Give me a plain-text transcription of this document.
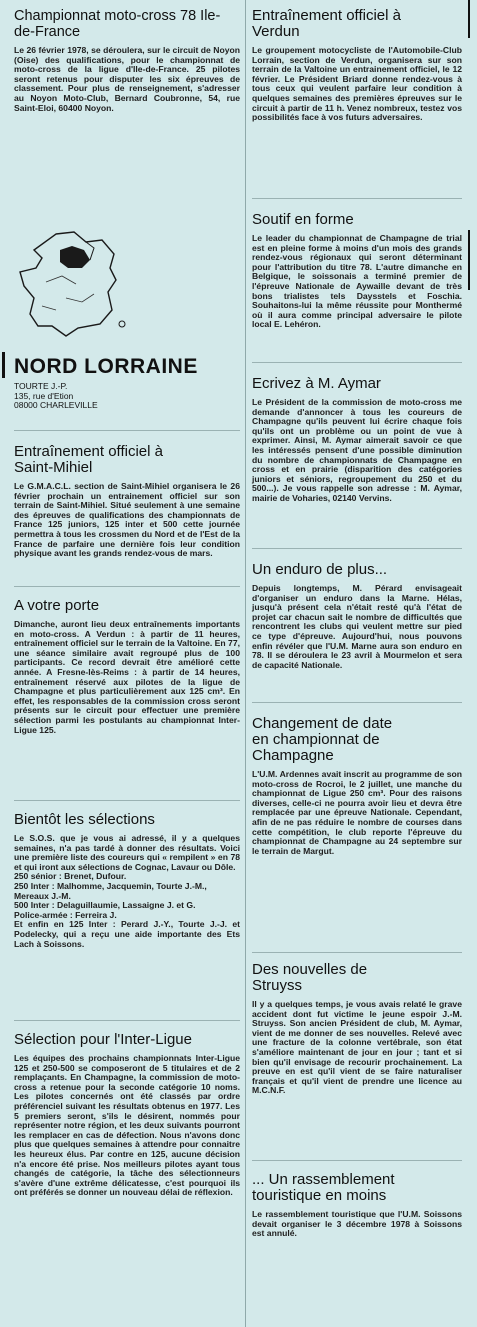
Championnat moto-cross 78 Ile-de-France

Le 26 février 1978, se déroulera, sur le circuit de Noyon (Oise) des qualifications, pour le championnat de moto-cross de la ligue d'Ile-de-France. 25 pilotes seront retenus pour disputer les six épreuves de classement. Pour plus de renseignement, s'adresser au Noyon Moto-Club, Bernard Coubronne, 54, rue Saint-Eloi, 60400 Noyon.

NORD LORRAINE

TOURTE J.-P.

135, rue d'Etion

08000 CHARLEVILLE

Entraînement officiel à Saint-Mihiel

Le G.M.A.C.L. section de Saint-Mihiel organisera le 26 février prochain un entrainement officiel sur son terrain de Saint-Mihiel. Situé seulement à une semaine des épreuves de qualifications des championnats de France 125 juniors, 125 inter et 500 cette journée permettra à tous les crossmen du Nord et de l'Est de la France de parfaire une dernière fois leur condition physique avant les grands rendez-vous de mars.

A votre porte

Dimanche, auront lieu deux entraînements importants en moto-cross. A Verdun : à partir de 11 heures, entraînement officiel sur le terrain de la Valtoine. En 77, une séance similaire avait regroupé plus de 100 participants. Ce record devrait être amélioré cette année. A Fresne-lès-Reims : à partir de 14 heures, entraînement réservé aux pilotes de la ligue de Champagne et plus particulièrement aux 125 cm³. En effet, les responsables de la commission cross seront présents sur le circuit pour effectuer une première sélection parmi les postulants au championnat Inter-Ligue 125.

Bientôt les sélections

Le S.O.S. que je vous ai adressé, il y a quelques semaines, n'a pas tardé à donner des résultats. Voici une première liste des coureurs qui « rempilent » en 78 et qui iront aux sélections de Cognac, Lavaur ou Dôle.

250 sénior : Brenet, Dufour.

250 Inter : Malhomme, Jacquemin, Tourte J.-M., Mereaux J.-M.

500 Inter : Delaguillaumie, Lassaigne J. et G.

Police-armée : Ferreira J.

Et enfin en 125 Inter : Perard J.-Y., Tourte J.-J. et Podelecky, qui a reçu une aide importante des Ets Lach à Soissons.

Sélection pour l'Inter-Ligue

Les équipes des prochains championnats Inter-Ligue 125 et 250-500 se composeront de 5 titulaires et de 2 remplaçants. En Champagne, la commission de moto-cross a retenue pour la seconde catégorie 10 noms. Les pilotes concernés ont été classés par ordre préférenciel suivant les résultats obtenus en 1977. Les 5 premiers seront, s'ils le désirent, nommés pour représenter notre région, et les deux suivants pourront les remplacer en cas de défection. Nous n'avons donc plus que quelques semaines à attendre pour connaitre les heureux élus. Par contre en 125, aucune décision n'a encore été prise. Nos meilleurs pilotes ayant tous changés de catégorie, la tâche des sélectionneurs s'avère d'une extrême délicatesse, c'est pourquoi ils ont préférés se donner un nouveau délai de réflexion.

Entraînement officiel à Verdun

Le groupement motocycliste de l'Automobile-Club Lorrain, section de Verdun, organisera sur son terrain de la Valtoine un entrainement officiel, le 12 février. Le Président Briard donne rendez-vous à tous ceux qui veulent parfaire leur condition à quelques semaines des premières épreuves sur le circuit à partir de 11 h. Venez nombreux, testez vos possibilités face à vos futurs adversaires.

Soutif en forme

Le leader du championnat de Champagne de trial est en pleine forme à moins d'un mois des grands rendez-vous régionaux qui seront déterminant pour l'attribution du titre 78. L'autre dimanche en Belgique, le soissonais a terminé premier de l'épreuve Nationale de Aywaille devant de très bons trialistes tels Daysstels et Foschia. Souhaitons-lui la même réussite pour Monthermé où il aura comme principal adversaire le pilote local E. Lehéron.

Ecrivez à M. Aymar

Le Président de la commission de moto-cross me demande d'annoncer à tous les coureurs de Champagne qu'ils peuvent lui écrire chaque fois qu'ils ont un problème ou un point de vue à exprimer. Ainsi, M. Aymar aimerait savoir ce que les intéressés pensent d'une possible diminution du nombre de championnats de Champagne en cross et en prairie (disparition des catégories juniors et séniors, regroupement du 250 et du 500...). Je vous rappelle son adresse : M. Aymar, mairie de Voharies, 02140 Vervins.

Un enduro de plus...

Depuis longtemps, M. Pérard envisageait d'organiser un enduro dans la Marne. Hélas, jusqu'à présent cela n'était resté qu'à l'état de projet car chacun sait le nombre de difficultés que rencontrent les clubs qui veulent mettre sur pied ce type d'épreuve. Aujourd'hui, nous pouvons enfin révéler que l'U.M. Marne aura son enduro en 78. Il se déroulera le 23 avril à Mourmelon et sera de capacité Nationale.

Changement de date en championnat de Champagne

L'U.M. Ardennes avait inscrit au programme de son moto-cross de Rocroi, le 2 juillet, une manche du championnat de Ligue 250 cm³. Pour des raisons diverses, celle-ci ne pourra avoir lieu et devra être remplacée par une épreuve Nationale. Cependant, afin de ne pas réduire le nombre de courses dans cette compétition, le club reporte l'épreuve du championnat de Champagne au 24 septembre sur le terrain de Margut.

Des nouvelles de Struyss

Il y a quelques temps, je vous avais relaté le grave accident dont fut victime le jeune espoir J.-M. Struyss. Son ancien Président de club, M. Aymar, vient de me donner de ses nouvelles. Relevé avec une fracture de la colonne vertébrale, son état s'améliore maintenant de jour en jour ; tant et si bien qu'il envisage de recourir prochainement. La preuve en est qu'il vient de se faire naturaliser français et qu'il vient de prendre une licence au M.C.N.F.

... Un rassemblement touristique en moins

Le rassemblement touristique que l'U.M. Soissons devait organiser le 3 décembre 1978 à Soissons est annulé.
